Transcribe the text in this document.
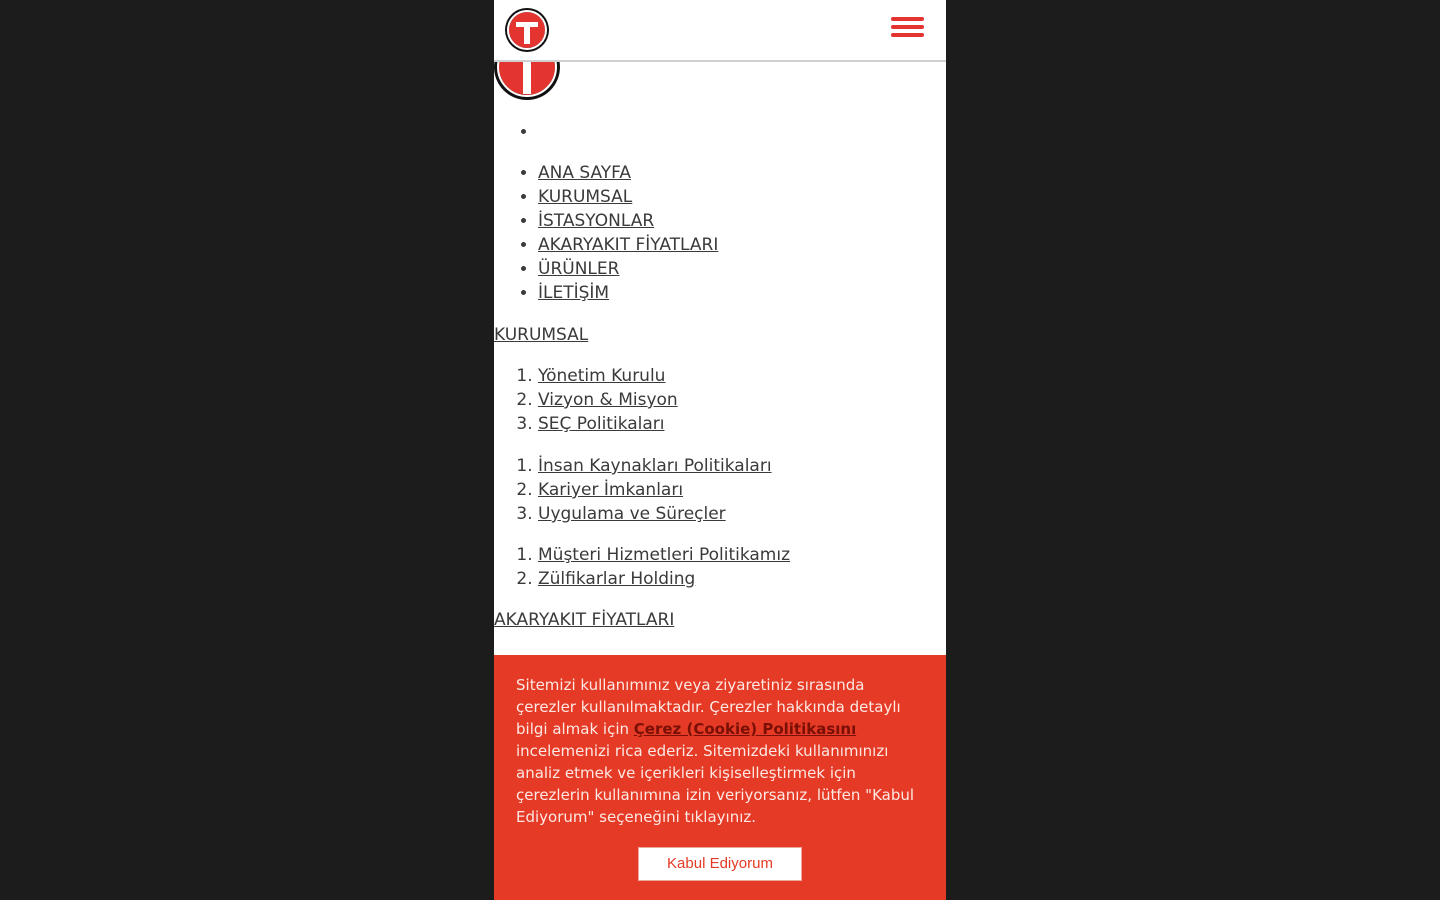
•
• ANA SAYFA
• KURUMSAL
• İSTASYONLAR
• AKARYAKIT FİYATLARI
• ÜRÜNLER
• İLETİŞİM
KURUMSAL
1. Yönetim Kurulu
2. Vizyon & Misyon
3. SEÇ Politikaları
1. İnsan Kaynakları Politikaları
2. Kariyer İmkanları
3. Uygulama ve Süreçler
1. Müşteri Hizmetleri Politikamız
2. Zülfikarlar Holding
AKARYAKIT FİYATLARI
Sitemizi kullanımınız veya ziyaretiniz sırasında çerezler kullanılmaktadır. Çerezler hakkında detaylı bilgi almak için Çerez (Cookie) Politikasını incelemenizi rica ederiz. Sitemizdeki kullanımınızı analiz etmek ve içerikleri kişiselleştirmek için çerezlerin kullanımına izin veriyorsanız, lütfen "Kabul Ediyorum" seçeneğini tıklayınız.
Kabul Ediyorum
